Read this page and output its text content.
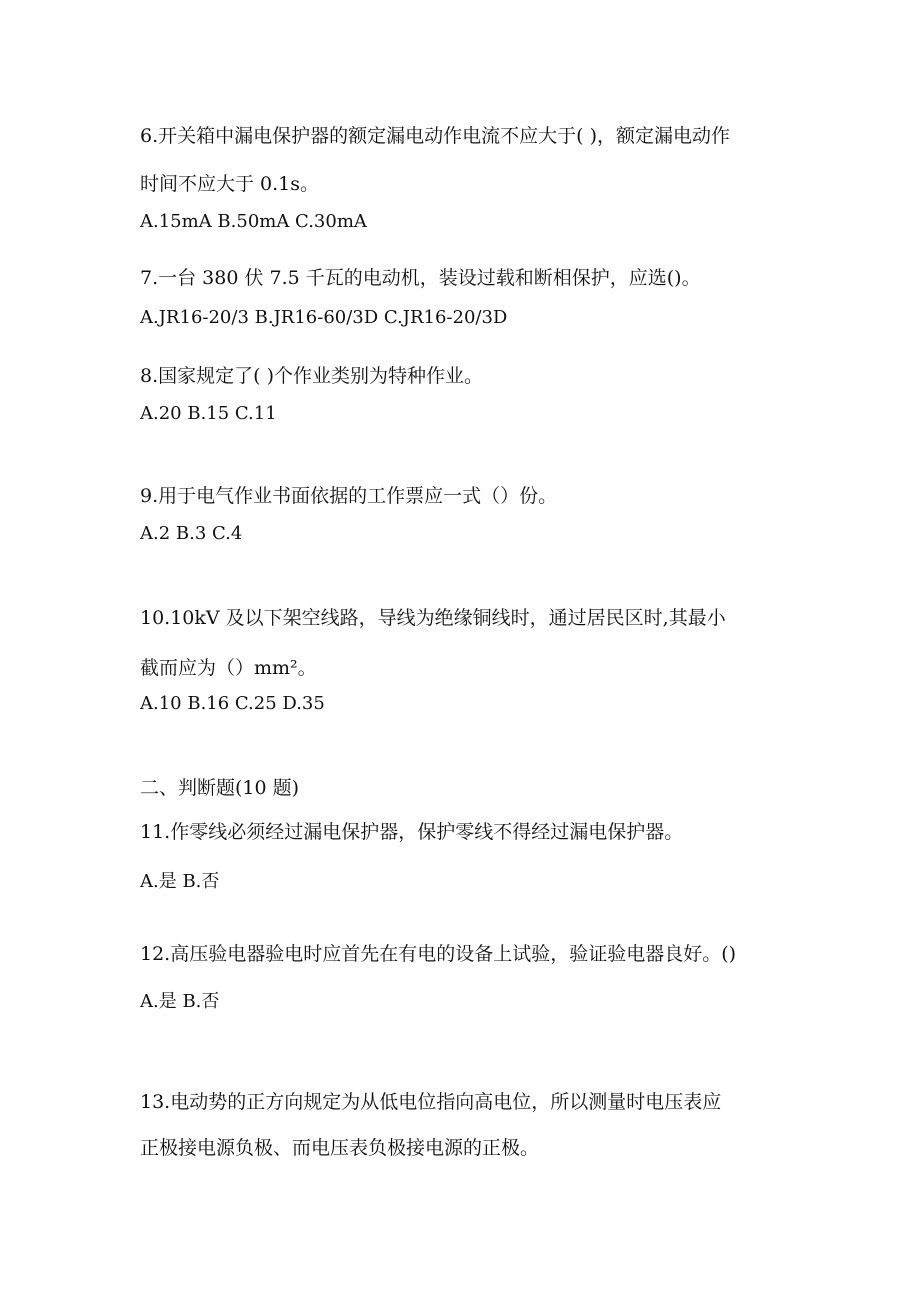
6.开关箱中漏电保护器的额定漏电动作电流不应大于( )，额定漏电动作
时间不应大于 0.1s。
A.15mA B.50mA C.30mA
7.一台 380 伏 7.5 千瓦的电动机，装设过载和断相保护，应选()。
A.JR16-20/3 B.JR16-60/3D C.JR16-20/3D
8.国家规定了( )个作业类别为特种作业。
A.20 B.15 C.11
9.用于电气作业书面依据的工作票应一式（）份。
A.2 B.3 C.4
10.10kV 及以下架空线路，导线为绝缘铜线时，通过居民区时,其最小
截而应为（）mm²。
A.10 B.16 C.25 D.35
二、判断题(10 题)
11.作零线必须经过漏电保护器，保护零线不得经过漏电保护器。
A.是 B.否
12.高压验电器验电时应首先在有电的设备上试验，验证验电器良好。()
A.是 B.否
13.电动势的正方向规定为从低电位指向高电位，所以测量时电压表应
正极接电源负极、而电压表负极接电源的正极。
